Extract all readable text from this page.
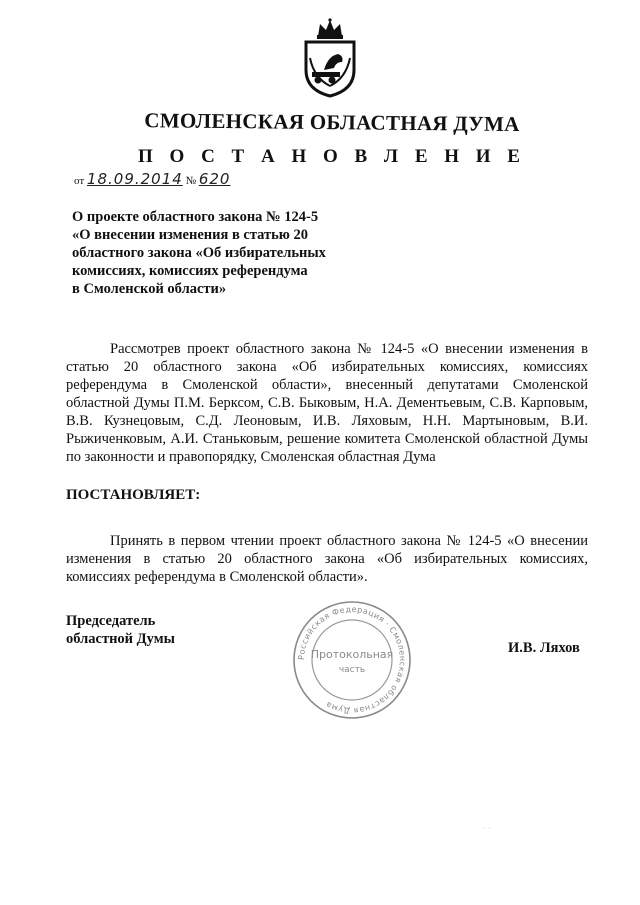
СМОЛЕНСКАЯ ОБЛАСТНАЯ ДУМА
П О С Т А Н О В Л Е Н И Е
от 18.09.2014 № 620
О проекте областного закона № 124-5
«О внесении изменения в статью 20
областного закона «Об избирательных
комиссиях, комиссиях референдума
в Смоленской области»
Рассмотрев проект областного закона № 124-5 «О внесении изменения в статью 20 областного закона «Об избирательных комиссиях, комиссиях референдума в Смоленской области», внесенный депутатами Смоленской областной Думы П.М. Берксом, С.В. Быковым, Н.А. Дементьевым, С.В. Карповым, В.В. Кузнецовым, С.Д. Леоновым, И.В. Ляховым, Н.Н. Мартыновым, В.И. Рыжиченковым, А.И. Станьковым, решение комитета Смоленской областной Думы по законности и правопорядку, Смоленская областная Дума
ПОСТАНОВЛЯЕТ:
Принять в первом чтении проект областного закона № 124-5 «О внесении изменения в статью 20 областного закона «Об избирательных комиссиях, комиссиях референдума в Смоленской области».
Председатель
областной Думы
Российская Федерация · Смоленская областная Дума
Протокольная
часть
И.В. Ляхов
· ·
